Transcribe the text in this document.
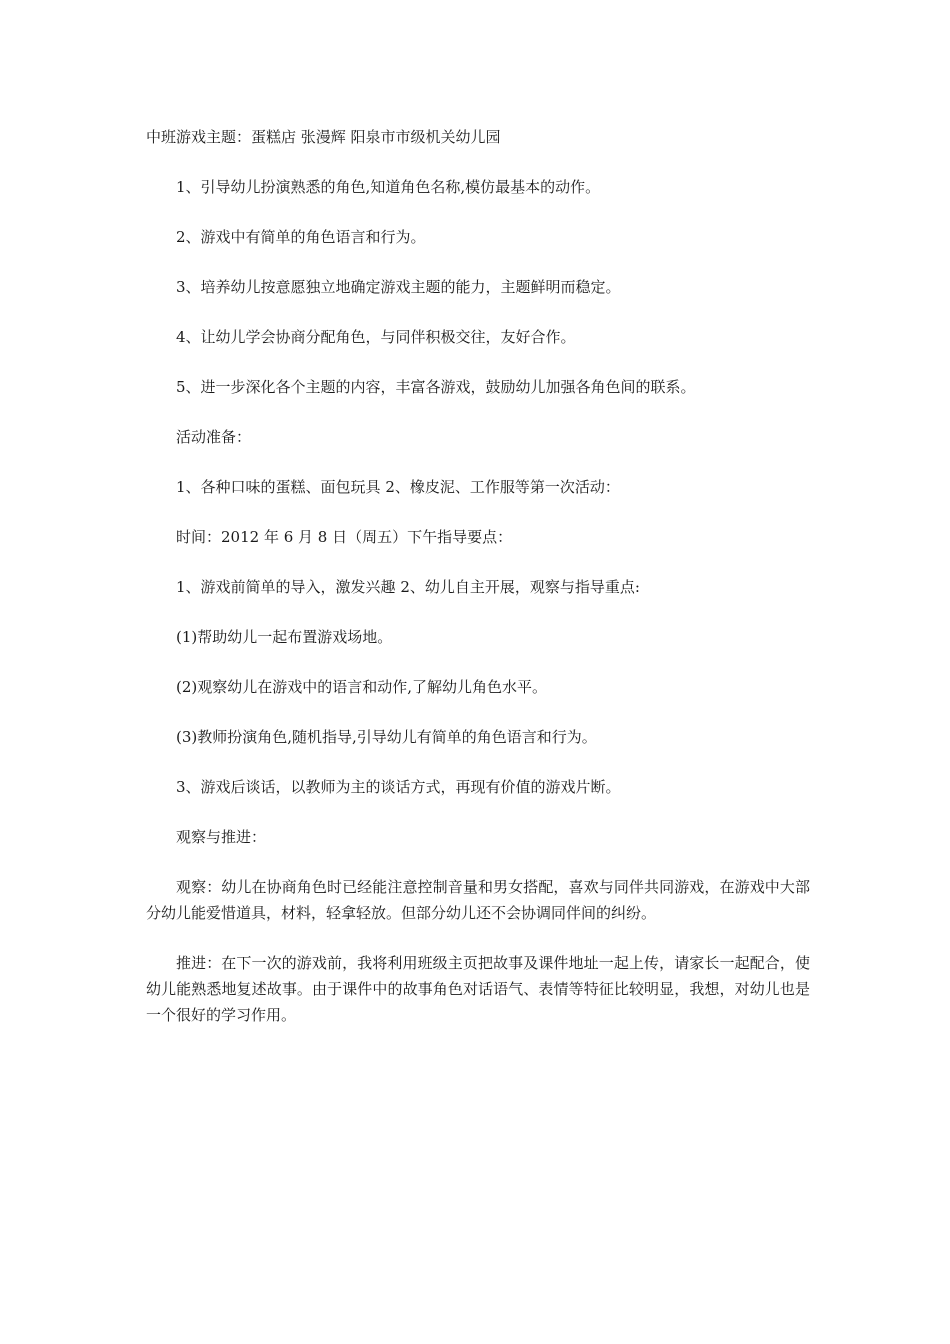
中班游戏主题：蛋糕店 张漫辉 阳泉市市级机关幼儿园

1、引导幼儿扮演熟悉的角色,知道角色名称,模仿最基本的动作。

2、游戏中有简单的角色语言和行为。

3、培养幼儿按意愿独立地确定游戏主题的能力，主题鲜明而稳定。

4、让幼儿学会协商分配角色，与同伴积极交往，友好合作。

5、进一步深化各个主题的内容，丰富各游戏，鼓励幼儿加强各角色间的联系。

活动准备：

1、各种口味的蛋糕、面包玩具 2、橡皮泥、工作服等第一次活动：

时间：2012 年 6 月 8 日（周五）下午指导要点：

1、游戏前简单的导入，激发兴趣 2、幼儿自主开展，观察与指导重点:

(1)帮助幼儿一起布置游戏场地。

(2)观察幼儿在游戏中的语言和动作,了解幼儿角色水平。

(3)教师扮演角色,随机指导,引导幼儿有简单的角色语言和行为。

3、游戏后谈话，以教师为主的谈话方式，再现有价值的游戏片断。

观察与推进：

观察：幼儿在协商角色时已经能注意控制音量和男女搭配，喜欢与同伴共同游戏，在游戏中大部分幼儿能爱惜道具，材料，轻拿轻放。但部分幼儿还不会协调同伴间的纠纷。

推进：在下一次的游戏前，我将利用班级主页把故事及课件地址一起上传，请家长一起配合，使幼儿能熟悉地复述故事。由于课件中的故事角色对话语气、表情等特征比较明显，我想，对幼儿也是一个很好的学习作用。
